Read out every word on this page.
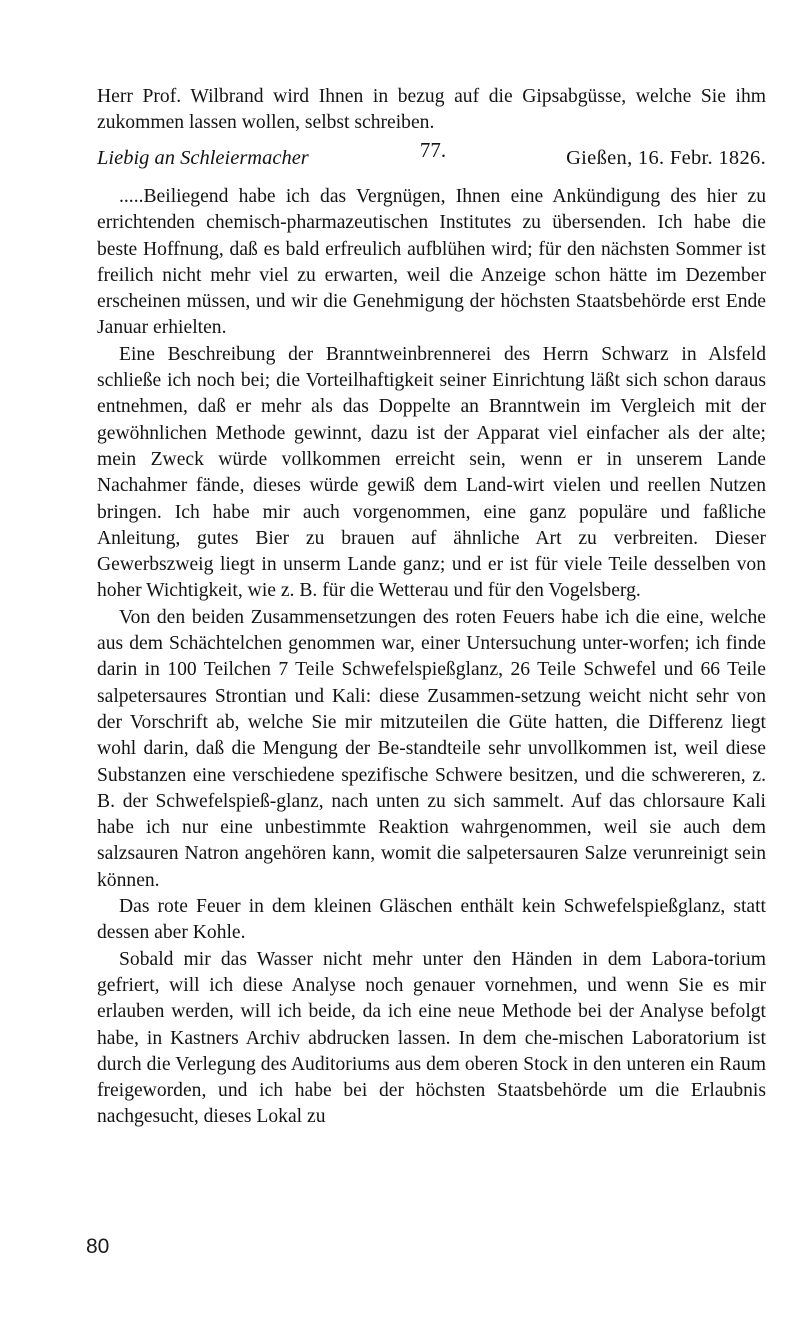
Herr Prof. Wilbrand wird Ihnen in bezug auf die Gipsabgüsse, welche Sie ihm zukommen lassen wollen, selbst schreiben.

Liebig an Schleiermacher	77.	Gießen, 16. Febr. 1826.

.....Beiliegend habe ich das Vergnügen, Ihnen eine Ankündigung des hier zu errichtenden chemisch-pharmazeutischen Institutes zu übersenden. Ich habe die beste Hoffnung, daß es bald erfreulich aufblühen wird; für den nächsten Sommer ist freilich nicht mehr viel zu erwarten, weil die Anzeige schon hätte im Dezember erscheinen müssen, und wir die Genehmigung der höchsten Staatsbehörde erst Ende Januar erhielten.

Eine Beschreibung der Branntweinbrennerei des Herrn Schwarz in Alsfeld schließe ich noch bei; die Vorteilhaftigkeit seiner Einrichtung läßt sich schon daraus entnehmen, daß er mehr als das Doppelte an Branntwein im Vergleich mit der gewöhnlichen Methode gewinnt, dazu ist der Apparat viel einfacher als der alte; mein Zweck würde vollkommen erreicht sein, wenn er in unserem Lande Nachahmer fände, dieses würde gewiß dem Land-wirt vielen und reellen Nutzen bringen. Ich habe mir auch vorgenommen, eine ganz populäre und faßliche Anleitung, gutes Bier zu brauen auf ähnliche Art zu verbreiten. Dieser Gewerbszweig liegt in unserm Lande ganz; und er ist für viele Teile desselben von hoher Wichtigkeit, wie z. B. für die Wetterau und für den Vogelsberg.

Von den beiden Zusammensetzungen des roten Feuers habe ich die eine, welche aus dem Schächtelchen genommen war, einer Untersuchung unter-worfen; ich finde darin in 100 Teilchen 7 Teile Schwefelspießglanz, 26 Teile Schwefel und 66 Teile salpetersaures Strontian und Kali: diese Zusammen-setzung weicht nicht sehr von der Vorschrift ab, welche Sie mir mitzuteilen die Güte hatten, die Differenz liegt wohl darin, daß die Mengung der Be-standteile sehr unvollkommen ist, weil diese Substanzen eine verschiedene spezifische Schwere besitzen, und die schwereren, z. B. der Schwefelspieß-glanz, nach unten zu sich sammelt. Auf das chlorsaure Kali habe ich nur eine unbestimmte Reaktion wahrgenommen, weil sie auch dem salzsauren Natron angehören kann, womit die salpetersauren Salze verunreinigt sein können.

Das rote Feuer in dem kleinen Gläschen enthält kein Schwefelspießglanz, statt dessen aber Kohle.

Sobald mir das Wasser nicht mehr unter den Händen in dem Labora-torium gefriert, will ich diese Analyse noch genauer vornehmen, und wenn Sie es mir erlauben werden, will ich beide, da ich eine neue Methode bei der Analyse befolgt habe, in Kastners Archiv abdrucken lassen. In dem che-mischen Laboratorium ist durch die Verlegung des Auditoriums aus dem oberen Stock in den unteren ein Raum freigeworden, und ich habe bei der höchsten Staatsbehörde um die Erlaubnis nachgesucht, dieses Lokal zu

80
